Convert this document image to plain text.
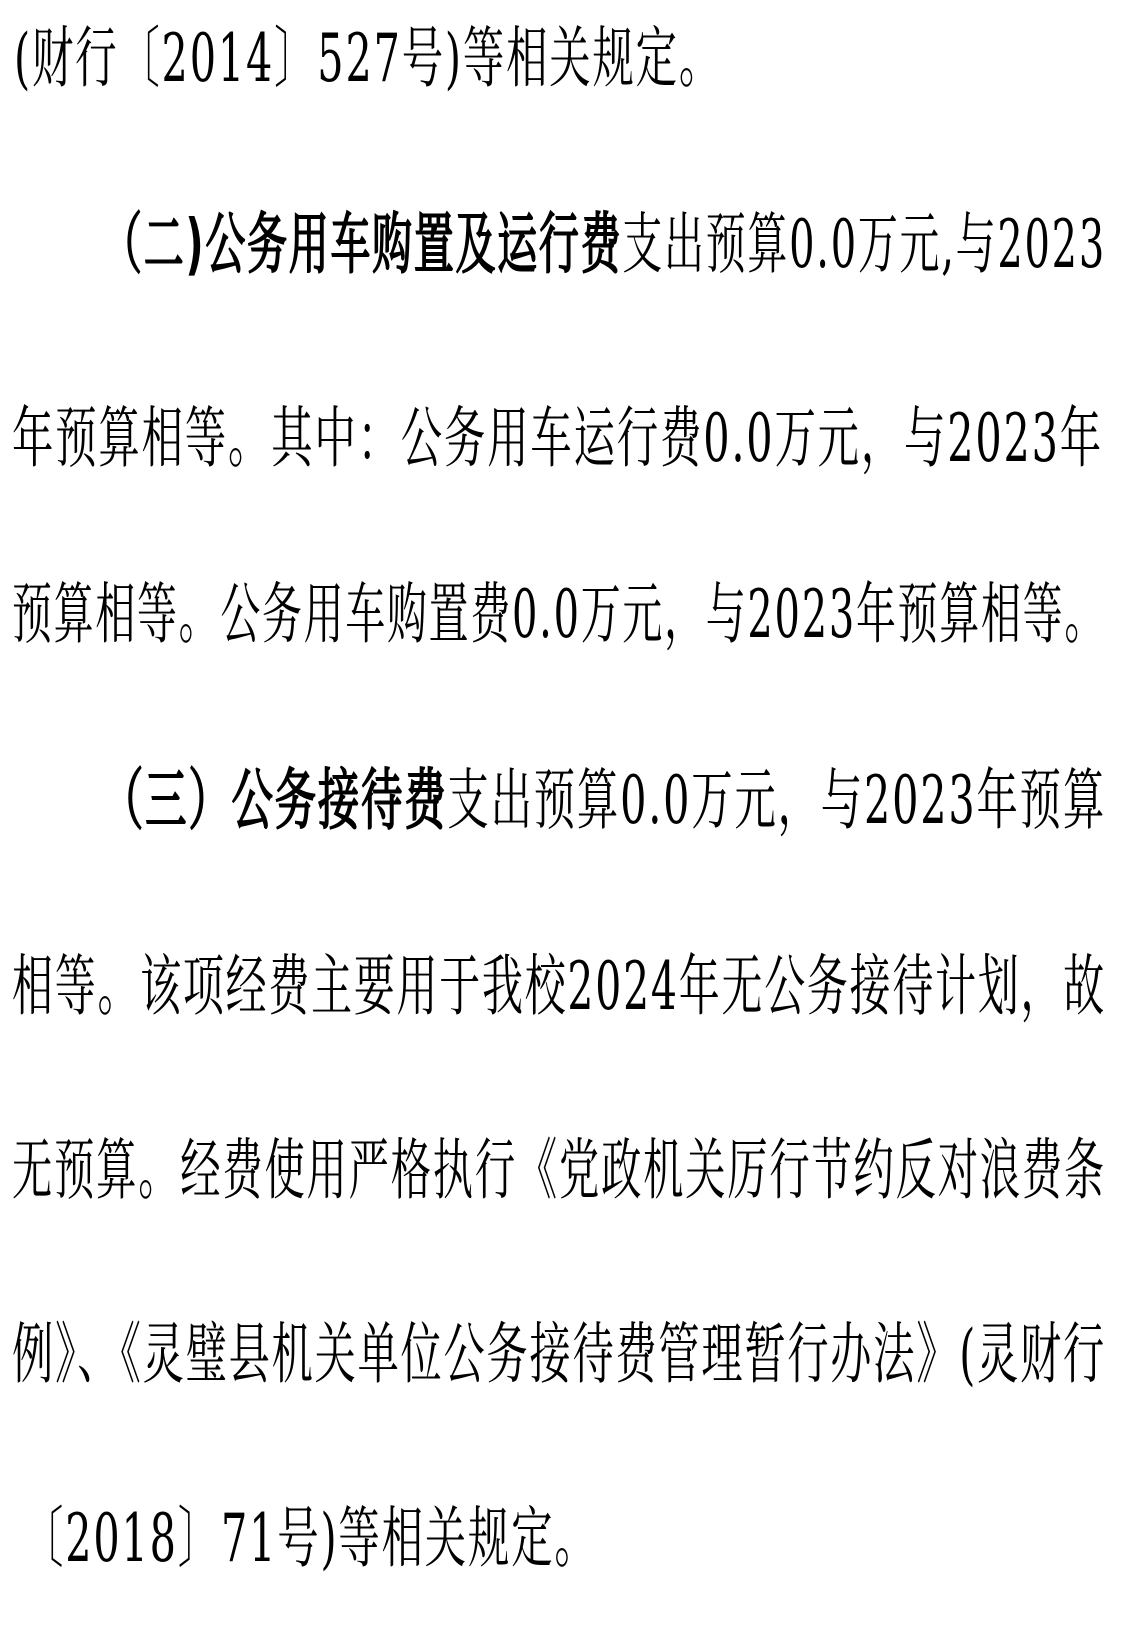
(财行〔2014〕527号)等相关规定。
（二)公务用车购置及运行费支出预算0.0万元,与2023
年预算相等。其中：公务用车运行费0.0万元，与2023年
预算相等。公务用车购置费0.0万元，与2023年预算相等。
（三）公务接待费支出预算0.0万元，与2023年预算
相等。该项经费主要用于我校2024年无公务接待计划，故
无预算。经费使用严格执行《党政机关厉行节约反对浪费条
例》、《灵璧县机关单位公务接待费管理暂行办法》(灵财行
〔2018〕71号)等相关规定。
